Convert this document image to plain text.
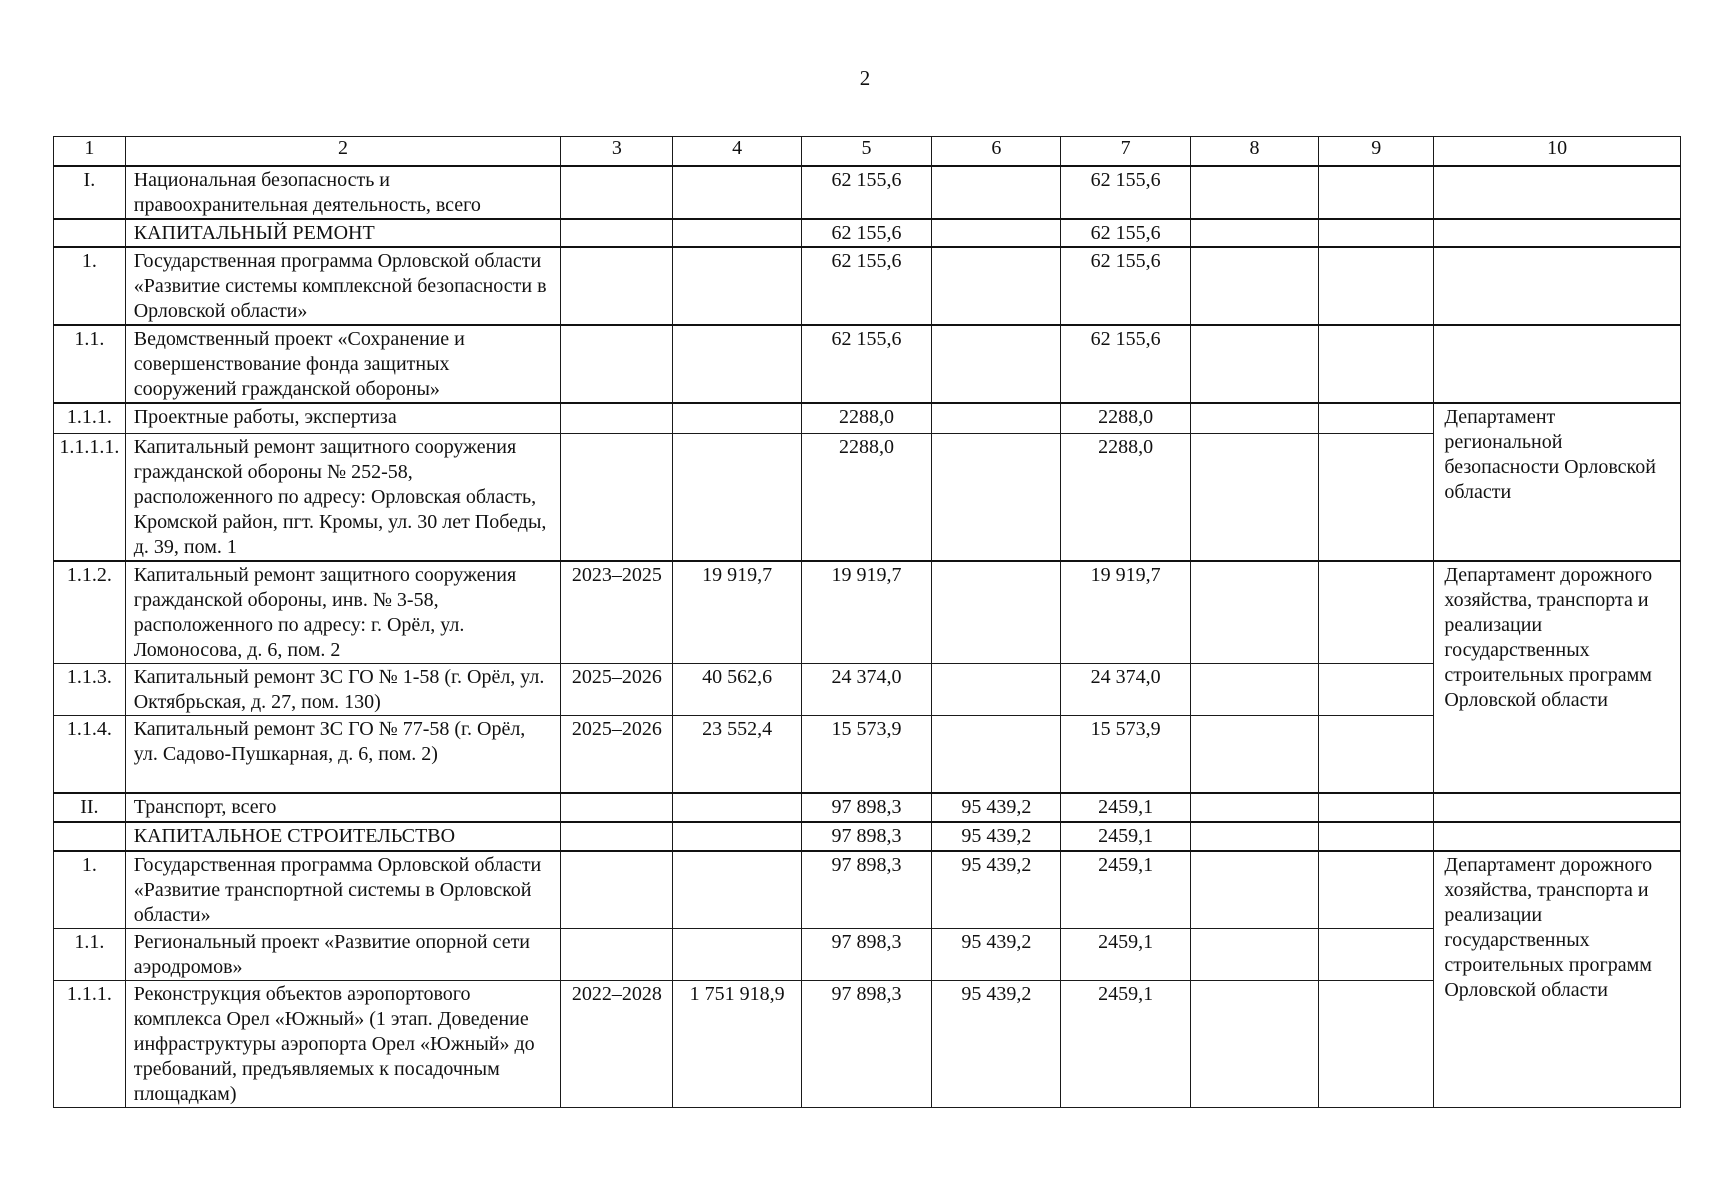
2
1	2	3	4	5	6	7	8	9	10
I.	Национальная безопасность и правоохранительная деятельность, всего			62 155,6		62 155,6			
	КАПИТАЛЬНЫЙ РЕМОНТ			62 155,6		62 155,6			
1.	Государственная программа Орловской области «Развитие системы комплексной безопасности в Орловской области»			62 155,6		62 155,6			
1.1.	Ведомственный проект «Сохранение и совершенствование фонда защитных сооружений гражданской обороны»			62 155,6		62 155,6			
1.1.1.	Проектные работы, экспертиза			2288,0		2288,0			Департамент региональной безопасности Орловской области
1.1.1.1.	Капитальный ремонт защитного сооружения гражданской обороны № 252-58, расположенного по адресу: Орловская область, Кромской район, пгт. Кромы, ул. 30 лет Победы, д. 39, пом. 1			2288,0		2288,0			
1.1.2.	Капитальный ремонт защитного сооружения гражданской обороны, инв. № 3-58, расположенного по адресу: г. Орёл, ул. Ломоносова, д. 6, пом. 2	2023–2025	19 919,7	19 919,7		19 919,7			Департамент дорожного хозяйства, транспорта и реализации государственных строительных программ Орловской области
1.1.3.	Капитальный ремонт ЗС ГО № 1-58 (г. Орёл, ул. Октябрьская, д. 27, пом. 130)	2025–2026	40 562,6	24 374,0		24 374,0			
1.1.4.	Капитальный ремонт ЗС ГО № 77-58 (г. Орёл, ул. Садово-Пушкарная, д. 6, пом. 2)	2025–2026	23 552,4	15 573,9		15 573,9			
II.	Транспорт, всего			97 898,3	95 439,2	2459,1			
	КАПИТАЛЬНОЕ СТРОИТЕЛЬСТВО			97 898,3	95 439,2	2459,1			
1.	Государственная программа Орловской области «Развитие транспортной системы в Орловской области»			97 898,3	95 439,2	2459,1			Департамент дорожного хозяйства, транспорта и реализации государственных строительных программ Орловской области
1.1.	Региональный проект «Развитие опорной сети аэродромов»			97 898,3	95 439,2	2459,1			
1.1.1.	Реконструкция объектов аэропортового комплекса Орел «Южный» (1 этап. Доведение инфраструктуры аэропорта Орел «Южный» до требований, предъявляемых к посадочным площадкам)	2022–2028	1 751 918,9	97 898,3	95 439,2	2459,1			
